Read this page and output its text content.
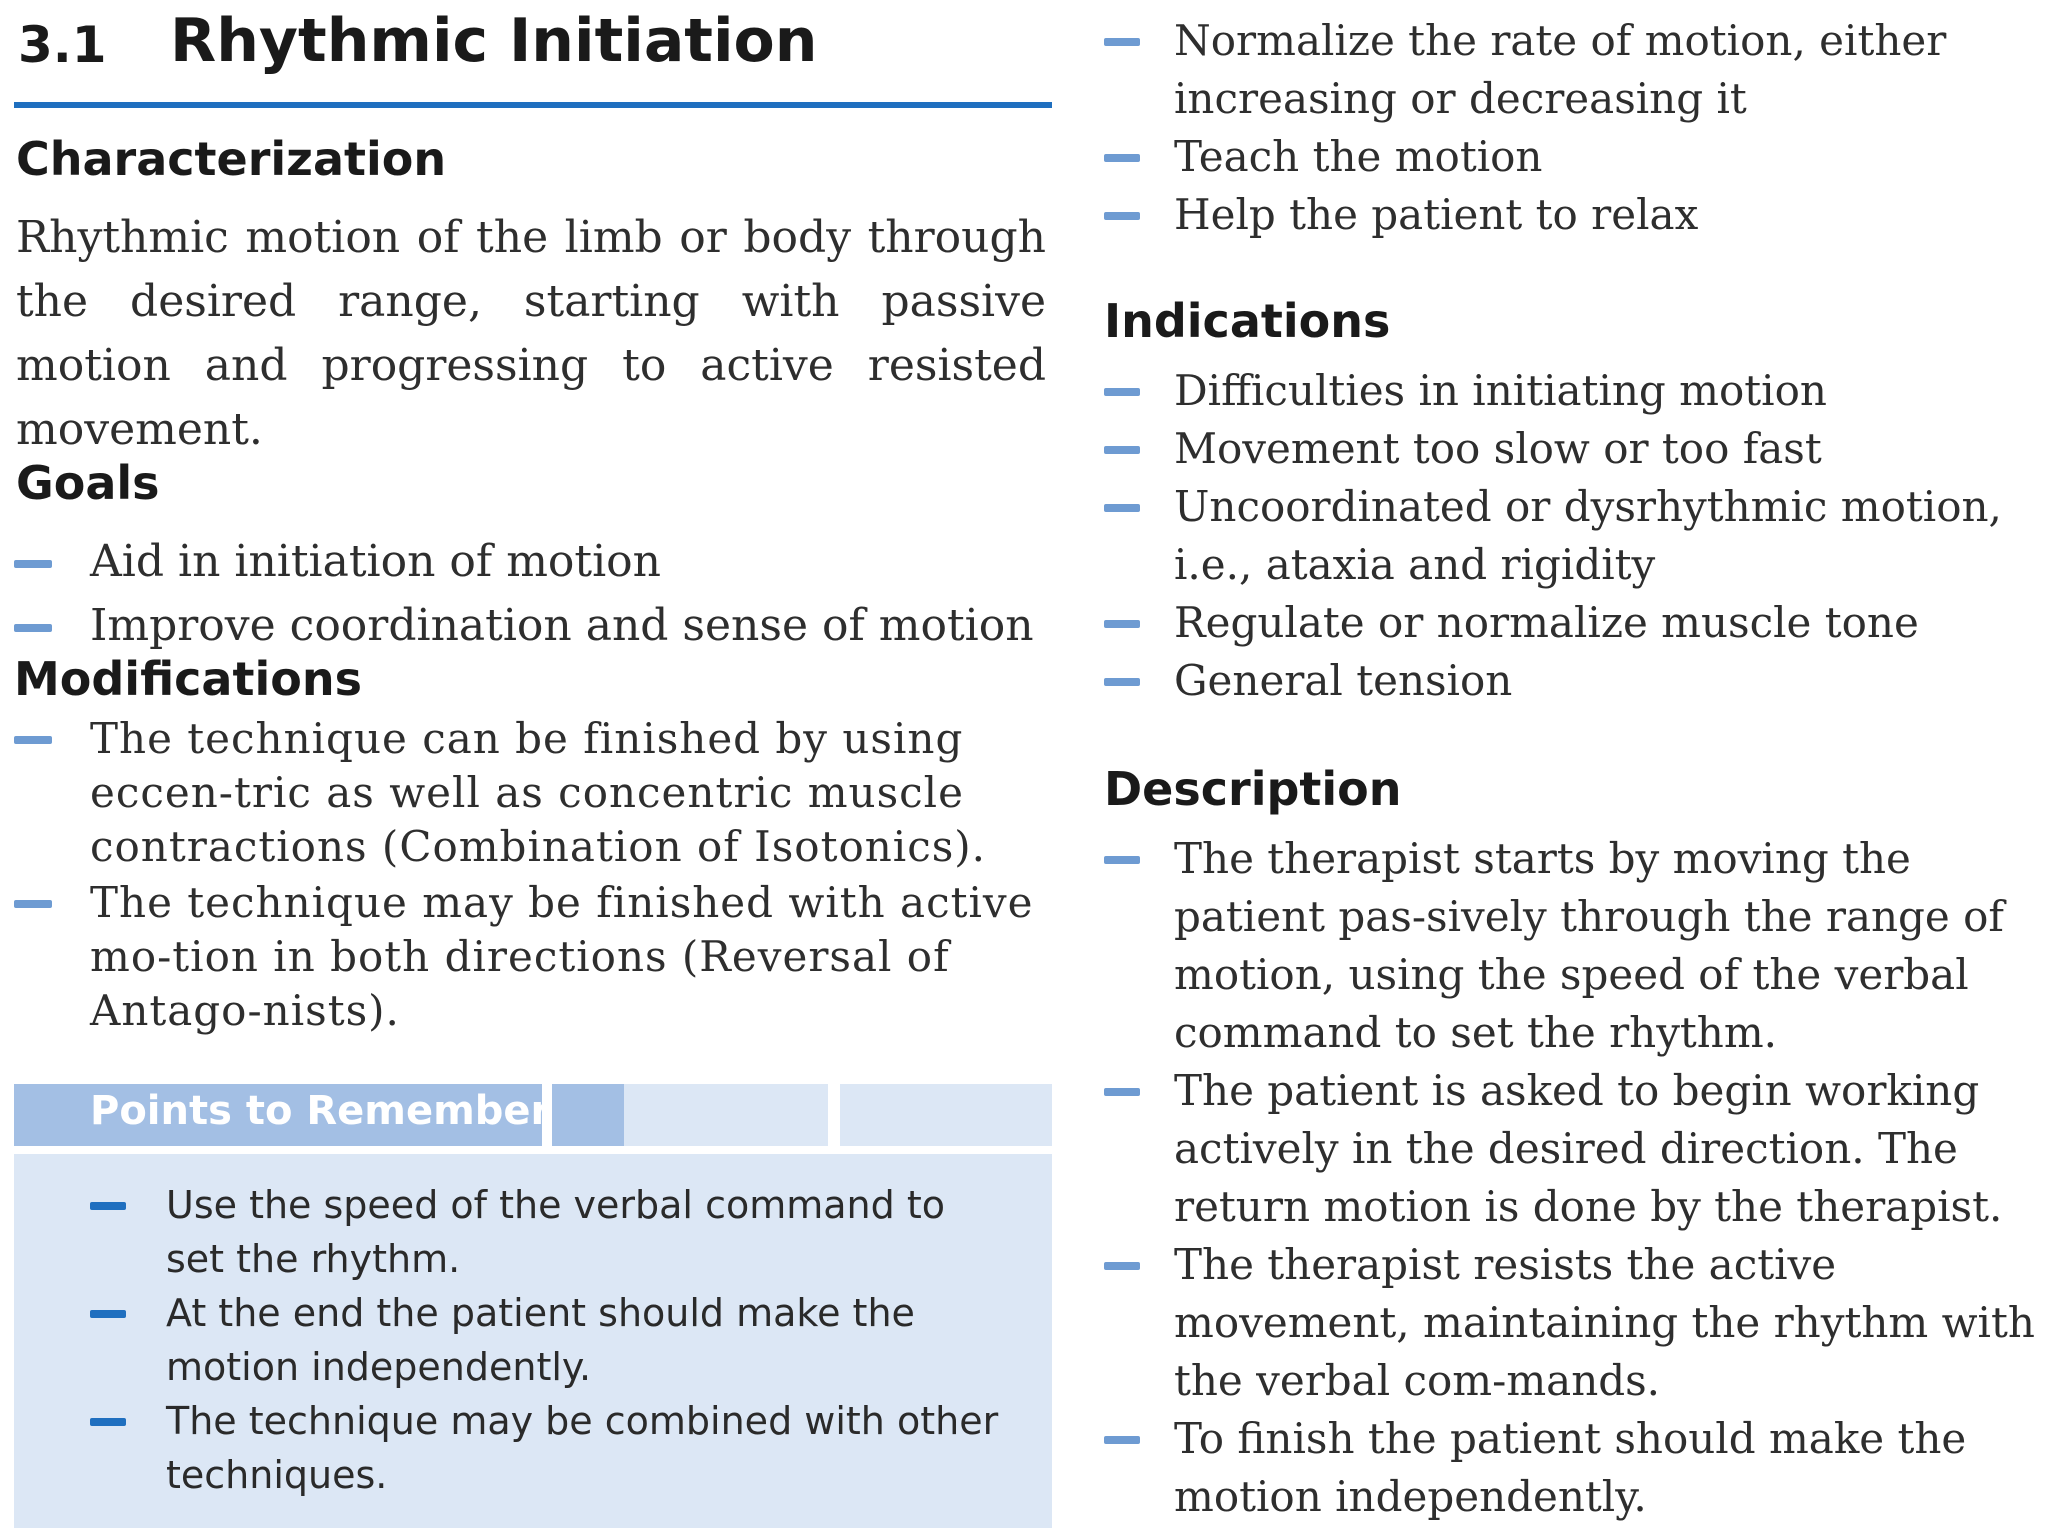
3.1 Rhythmic Initiation
Characterization

Rhythmic motion of the limb or body through the desired range, starting with passive motion and progressing to active resisted movement.

Goals
Aid in initiation of motion
Improve coordination and sense of motion
Modifications
The technique can be finished by using eccen-tric as well as concentric muscle contractions (Combination of Isotonics).
The technique may be finished with active mo-tion in both directions (Reversal of Antago-nists).
Points to Remember
Use the speed of the verbal command to set the rhythm.
At the end the patient should make the motion independently.
The technique may be combined with other techniques.
Normalize the rate of motion, either increasing or decreasing it
Teach the motion
Help the patient to relax
Indications
Difficulties in initiating motion
Movement too slow or too fast
Uncoordinated or dysrhythmic motion, i.e., ataxia and rigidity
Regulate or normalize muscle tone
General tension
Description
The therapist starts by moving the patient pas-sively through the range of motion, using the speed of the verbal command to set the rhythm.
The patient is asked to begin working actively in the desired direction. The return motion is done by the therapist.
The therapist resists the active movement, maintaining the rhythm with the verbal com-mands.
To finish the patient should make the motion independently.
